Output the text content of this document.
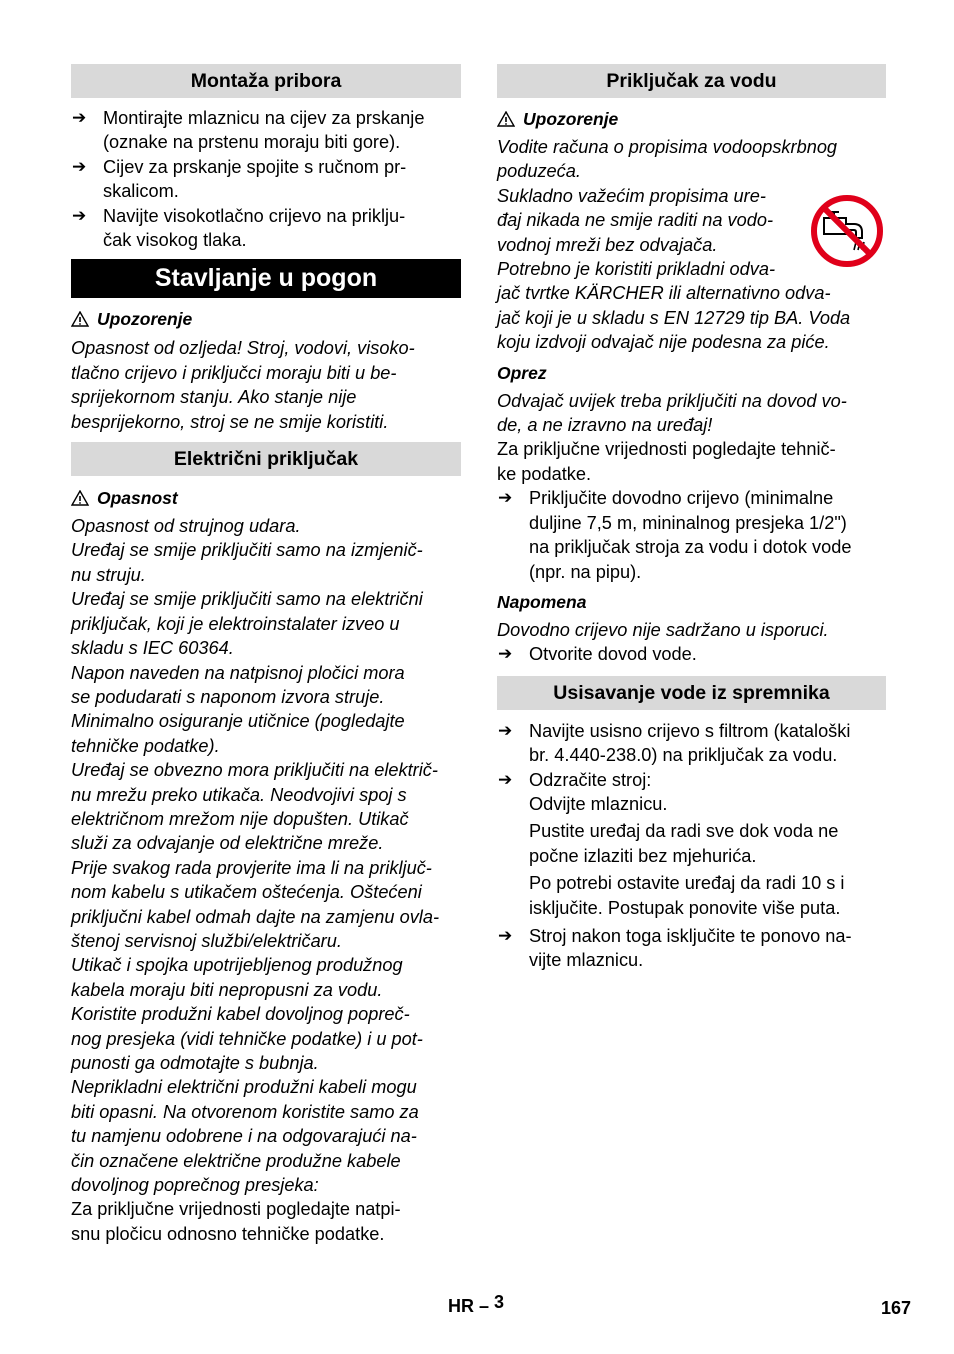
Montaža pribora
➔ Montirajte mlaznicu na cijev za prskanje
(oznake na prstenu moraju biti gore).
➔ Cijev za prskanje spojite s ručnom pr-
skalicom.
➔ Navijte visokotlačno crijevo na priklju-
čak visokog tlaka.
Stavljanje u pogon
Upozorenje

Opasnost od ozljeda! Stroj, vodovi, visoko-

tlačno crijevo i priključci moraju biti u be-

sprijekornom stanju. Ako stanje nije

besprijekorno, stroj se ne smije koristiti.

Električni priključak
Opasnost

Opasnost od strujnog udara.

Uređaj se smije priključiti samo na izmjenič-

nu struju.

Uređaj se smije priključiti samo na električni

priključak, koji je elektroinstalater izveo u

skladu s IEC 60364.

Napon naveden na natpisnoj pločici mora

se podudarati s naponom izvora struje.

Minimalno osiguranje utičnice (pogledajte

tehničke podatke).

Uređaj se obvezno mora priključiti na električ-

nu mrežu preko utikača. Neodvojivi spoj s

električnom mrežom nije dopušten. Utikač

služi za odvajanje od električne mreže.

Prije svakog rada provjerite ima li na priključ-

nom kabelu s utikačem oštećenja. Oštećeni

priključni kabel odmah dajte na zamjenu ovla-

štenoj servisnoj službi/električaru.

Utikač i spojka upotrijebljenog produžnog

kabela moraju biti nepropusni za vodu.

Koristite produžni kabel dovoljnog popreč-

nog presjeka (vidi tehničke podatke) i u pot-

punosti ga odmotajte s bubnja.

Neprikladni električni produžni kabeli mogu

biti opasni. Na otvorenom koristite samo za

tu namjenu odobrene i na odgovarajući na-

čin označene električne produžne kabele

dovoljnog poprečnog presjeka:

Za priključne vrijednosti pogledajte natpi-

snu pločicu odnosno tehničke podatke.

Priključak za vodu
Upozorenje

Vodite računa o propisima vodoopskrbnog

poduzeća.

Sukladno važećim propisima ure-

đaj nikada ne smije raditi na vodo-

vodnoj mreži bez odvajača.

Potrebno je koristiti prikladni odva-

jač tvrtke KÄRCHER ili alternativno odva-

jač koji je u skladu s EN 12729 tip BA. Voda

koju izdvoji odvajač nije podesna za piće.

Oprez

Odvajač uvijek treba priključiti na dovod vo-

de, a ne izravno na uređaj!

Za priključne vrijednosti pogledajte tehnič-

ke podatke.

➔ Priključite dovodno crijevo (minimalne
duljine 7,5 m, mininalnog presjeka 1/2")
na priključak stroja za vodu i dotok vode
(npr. na pipu).
Napomena

Dovodno crijevo nije sadržano u isporuci.

➔ Otvorite dovod vode.
Usisavanje vode iz spremnika
➔ Navijte usisno crijevo s filtrom (kataloški
br. 4.440-238.0) na priključak za vodu.
➔ Odzračite stroj:
Odvijte mlaznicu.
Pustite uređaj da radi sve dok voda ne
počne izlaziti bez mjehurića.
Po potrebi ostavite uređaj da radi 10 s i
isključite. Postupak ponovite više puta.
➔ Stroj nakon toga isključite te ponovo na-
vijte mlaznicu.
HR – 3	167
